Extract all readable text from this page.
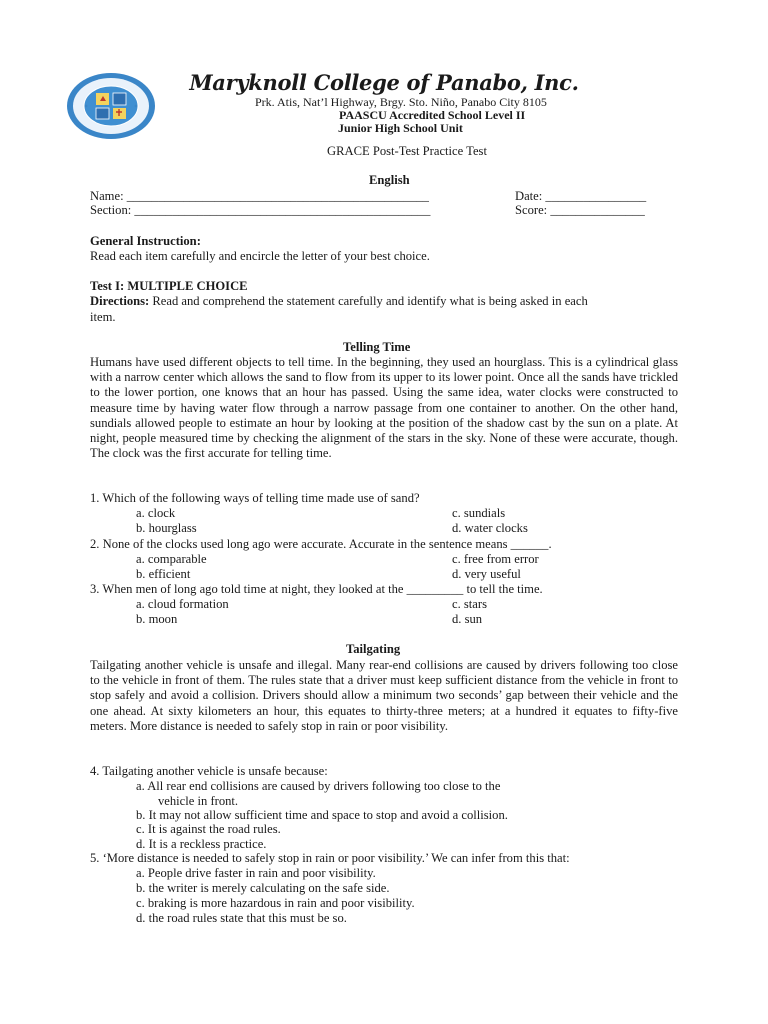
Maryknoll College of Panabo, Inc.
Prk. Atis, Nat’l Highway, Brgy. Sto. Niño, Panabo City 8105
PAASCU Accredited School Level II
Junior High School Unit
GRACE Post-Test Practice Test
English
Name: ________________________________________________	Date: ________________
Section: _______________________________________________	Score: _______________
General Instruction:
Read each item carefully and encircle the letter of your best choice.
Test I: MULTIPLE CHOICE
Directions: Read and comprehend the statement carefully and identify what is being asked in each
item.
Telling Time
Humans have used different objects to tell time. In the beginning, they used an hourglass. This is a cylindrical glass with a narrow center which allows the sand to flow from its upper to its lower point. Once all the sands have trickled to the lower portion, one knows that an hour has passed. Using the same idea, water clocks were constructed to measure time by having water flow through a narrow passage from one container to another. On the other hand, sundials allowed people to estimate an hour by looking at the position of the shadow cast by the sun on a plate. At night, people measured time by checking the alignment of the stars in the sky. None of these were accurate, though. The clock was the first accurate for telling time.
1. Which of the following ways of telling time made use of sand?
a. clock	c. sundials
b. hourglass	d. water clocks
2. None of the clocks used long ago were accurate. Accurate in the sentence means ______.
a. comparable	c. free from error
b. efficient	d. very useful
3. When men of long ago told time at night, they looked at the _________ to tell the time.
a. cloud formation	c. stars
b. moon	d. sun
Tailgating
Tailgating another vehicle is unsafe and illegal. Many rear-end collisions are caused by drivers following too close to the vehicle in front of them. The rules state that a driver must keep sufficient distance from the vehicle in front to stop safely and avoid a collision. Drivers should allow a minimum two seconds’ gap between their vehicle and the one ahead. At sixty kilometers an hour, this equates to thirty-three meters; at a hundred it equates to fifty-five meters. More distance is needed to safely stop in rain or poor visibility.
4. Tailgating another vehicle is unsafe because:
a. All rear end collisions are caused by drivers following too close to the
vehicle in front.
b. It may not allow sufficient time and space to stop and avoid a collision.
c. It is against the road rules.
d. It is a reckless practice.
5. ‘More distance is needed to safely stop in rain or poor visibility.’ We can infer from this that:
a. People drive faster in rain and poor visibility.
b. the writer is merely calculating on the safe side.
c. braking is more hazardous in rain and poor visibility.
d. the road rules state that this must be so.
